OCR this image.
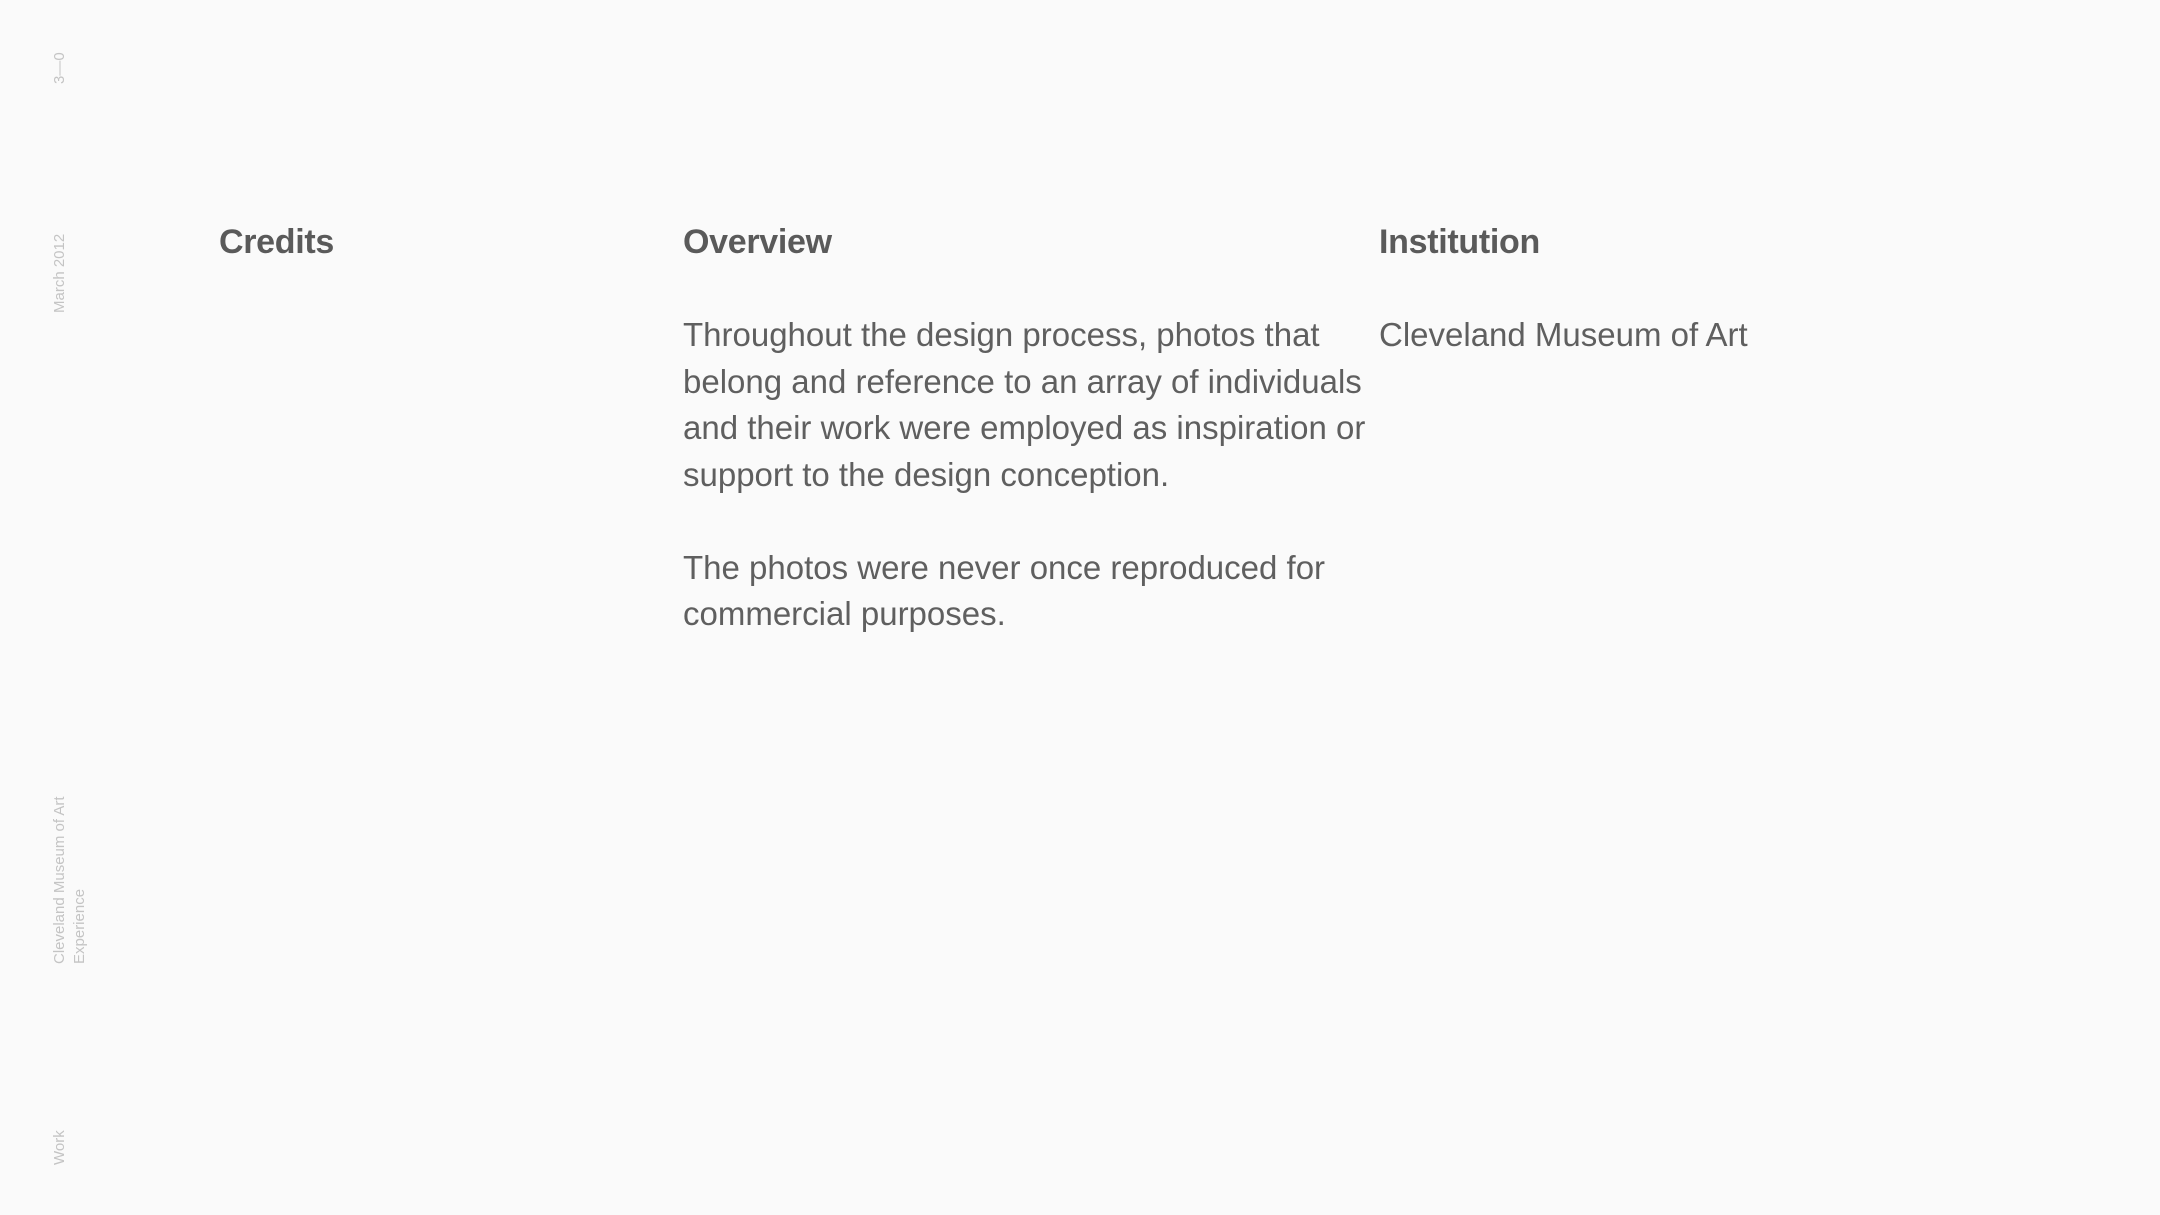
3—0
March 2012
Cleveland Museum of Art Experience
Work
Credits	Overview

Throughout the design process, photos that belong and reference to an array of individuals and their work were employed as inspiration or support to the design conception.

The photos were never once reproduced for commercial purposes.

Institution

Cleveland Museum of Art
